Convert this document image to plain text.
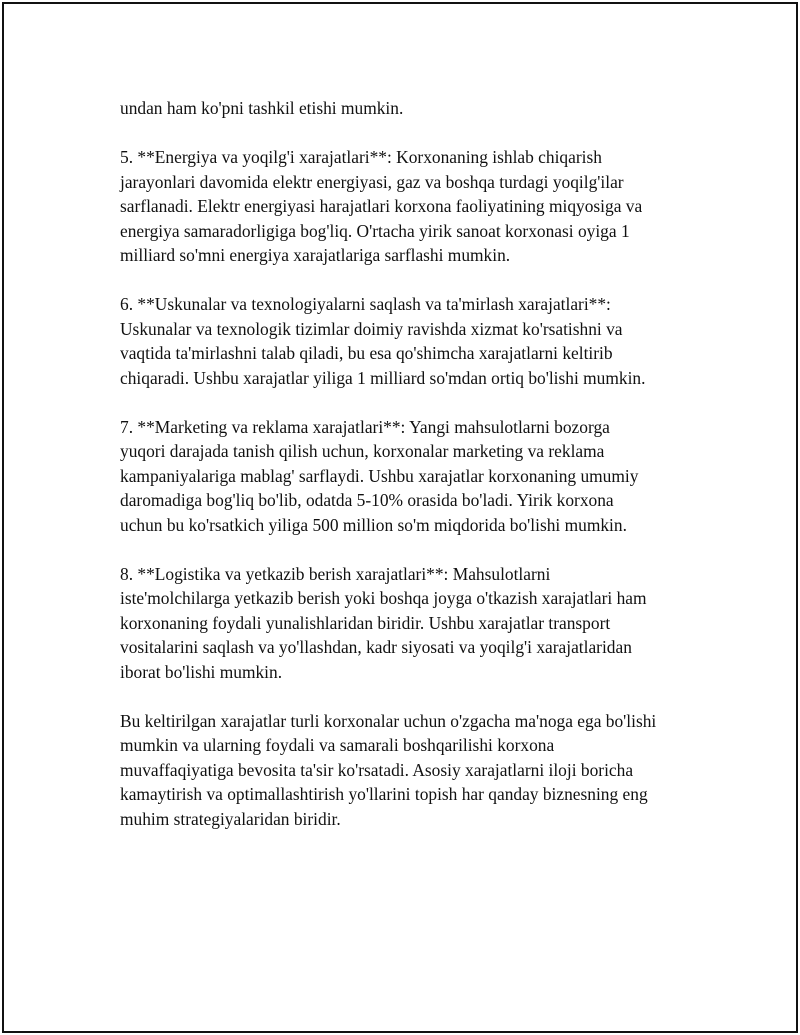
undan ham ko'pni tashkil etishi mumkin.

5. **Energiya va yoqilg'i xarajatlari**: Korxonaning ishlab chiqarish
jarayonlari davomida elektr energiyasi, gaz va boshqa turdagi yoqilg'ilar
sarflanadi. Elektr energiyasi harajatlari korxona faoliyatining miqyosiga va
energiya samaradorligiga bog'liq. O'rtacha yirik sanoat korxonasi oyiga 1
milliard so'mni energiya xarajatlariga sarflashi mumkin.

6. **Uskunalar va texnologiyalarni saqlash va ta'mirlash xarajatlari**:
Uskunalar va texnologik tizimlar doimiy ravishda xizmat ko'rsatishni va
vaqtida ta'mirlashni talab qiladi, bu esa qo'shimcha xarajatlarni keltirib
chiqaradi. Ushbu xarajatlar yiliga 1 milliard so'mdan ortiq bo'lishi mumkin.

7. **Marketing va reklama xarajatlari**: Yangi mahsulotlarni bozorga
yuqori darajada tanish qilish uchun, korxonalar marketing va reklama
kampaniyalariga mablag' sarflaydi. Ushbu xarajatlar korxonaning umumiy
daromadiga bog'liq bo'lib, odatda 5-10% orasida bo'ladi. Yirik korxona
uchun bu ko'rsatkich yiliga 500 million so'm miqdorida bo'lishi mumkin.

8. **Logistika va yetkazib berish xarajatlari**: Mahsulotlarni
iste'molchilarga yetkazib berish yoki boshqa joyga o'tkazish xarajatlari ham
korxonaning foydali yunalishlaridan biridir. Ushbu xarajatlar transport
vositalarini saqlash va yo'llashdan, kadr siyosati va yoqilg'i xarajatlaridan
iborat bo'lishi mumkin.

Bu keltirilgan xarajatlar turli korxonalar uchun o'zgacha ma'noga ega bo'lishi
mumkin va ularning foydali va samarali boshqarilishi korxona
muvaffaqiyatiga bevosita ta'sir ko'rsatadi. Asosiy xarajatlarni iloji boricha
kamaytirish va optimallashtirish yo'llarini topish har qanday biznesning eng
muhim strategiyalaridan biridir.
